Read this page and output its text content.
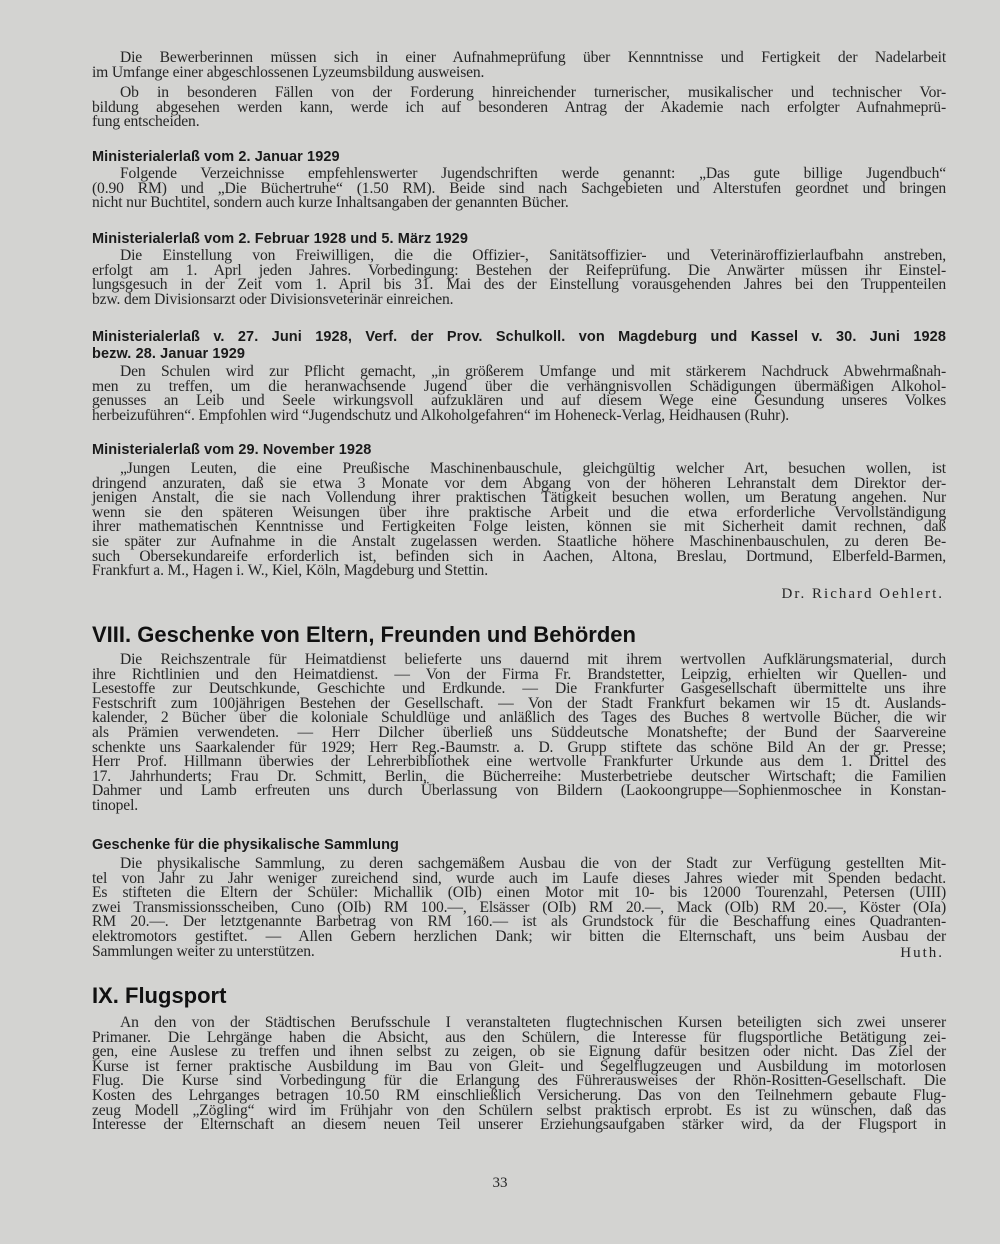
Die Bewerberinnen müssen sich in einer Aufnahmeprüfung über Kennntnisse und Fertigkeit der Nadelarbeit
im Umfange einer abgeschlossenen Lyzeumsbildung ausweisen.
Ob in besonderen Fällen von der Forderung hinreichender turnerischer, musikalischer und technischer Vor-
bildung abgesehen werden kann, werde ich auf besonderen Antrag der Akademie nach erfolgter Aufnahmeprü-
fung entscheiden.
Ministerialerlaß vom 2. Januar 1929
Folgende Verzeichnisse empfehlenswerter Jugendschriften werde genannt: „Das gute billige Jugendbuch“
(0.90 RM) und „Die Büchertruhe“ (1.50 RM). Beide sind nach Sachgebieten und Alterstufen geordnet und bringen
nicht nur Buchtitel, sondern auch kurze Inhaltsangaben der genannten Bücher.
Ministerialerlaß vom 2. Februar 1928 und 5. März 1929
Die Einstellung von Freiwilligen, die die Offizier-, Sanitätsoffizier- und Veterinäroffizierlaufbahn anstreben,
erfolgt am 1. Aprl jeden Jahres. Vorbedingung: Bestehen der Reifeprüfung. Die Anwärter müssen ihr Einstel-
lungsgesuch in der Zeit vom 1. April bis 31. Mai des der Einstellung vorausgehenden Jahres bei den Truppenteilen
bzw. dem Divisionsarzt oder Divisionsveterinär einreichen.
Ministerialerlaß v. 27. Juni 1928, Verf. der Prov. Schulkoll. von Magdeburg und Kassel v. 30. Juni 1928
bezw. 28. Januar 1929
Den Schulen wird zur Pflicht gemacht, „in größerem Umfange und mit stärkerem Nachdruck Abwehrmaßnah-
men zu treffen, um die heranwachsende Jugend über die verhängnisvollen Schädigungen übermäßigen Alkohol-
genusses an Leib und Seele wirkungsvoll aufzuklären und auf diesem Wege eine Gesundung unseres Volkes
herbeizuführen“. Empfohlen wird “Jugendschutz und Alkoholgefahren“ im Hoheneck-Verlag, Heidhausen (Ruhr).
Ministerialerlaß vom 29. November 1928
„Jungen Leuten, die eine Preußische Maschinenbauschule, gleichgültig welcher Art, besuchen wollen, ist
dringend anzuraten, daß sie etwa 3 Monate vor dem Abgang von der höheren Lehranstalt dem Direktor der-
jenigen Anstalt, die sie nach Vollendung ihrer praktischen Tätigkeit besuchen wollen, um Beratung angehen. Nur
wenn sie den späteren Weisungen über ihre praktische Arbeit und die etwa erforderliche Vervollständigung
ihrer mathematischen Kenntnisse und Fertigkeiten Folge leisten, können sie mit Sicherheit damit rechnen, daß
sie später zur Aufnahme in die Anstalt zugelassen werden. Staatliche höhere Maschinenbauschulen, zu deren Be-
such Obersekundareife erforderlich ist, befinden sich in Aachen, Altona, Breslau, Dortmund, Elberfeld-Barmen,
Frankfurt a. M., Hagen i. W., Kiel, Köln, Magdeburg und Stettin.
Dr. Richard Oehlert.
VIII. Geschenke von Eltern, Freunden und Behörden
Die Reichszentrale für Heimatdienst belieferte uns dauernd mit ihrem wertvollen Aufklärungsmaterial, durch
ihre Richtlinien und den Heimatdienst. — Von der Firma Fr. Brandstetter, Leipzig, erhielten wir Quellen- und
Lesestoffe zur Deutschkunde, Geschichte und Erdkunde. — Die Frankfurter Gasgesellschaft übermittelte uns ihre
Festschrift zum 100jährigen Bestehen der Gesellschaft. — Von der Stadt Frankfurt bekamen wir 15 dt. Auslands-
kalender, 2 Bücher über die koloniale Schuldlüge und anläßlich des Tages des Buches 8 wertvolle Bücher, die wir
als Prämien verwendeten. — Herr Dilcher überließ uns Süddeutsche Monatshefte; der Bund der Saarvereine
schenkte uns Saarkalender für 1929; Herr Reg.-Baumstr. a. D. Grupp stiftete das schöne Bild An der gr. Presse;
Herr Prof. Hillmann überwies der Lehrerbibliothek eine wertvolle Frankfurter Urkunde aus dem 1. Drittel des
17. Jahrhunderts; Frau Dr. Schmitt, Berlin, die Bücherreihe: Musterbetriebe deutscher Wirtschaft; die Familien
Dahmer und Lamb erfreuten uns durch Überlassung von Bildern (Laokoongruppe—Sophienmoschee in Konstan-
tinopel.
Geschenke für die physikalische Sammlung
Die physikalische Sammlung, zu deren sachgemäßem Ausbau die von der Stadt zur Verfügung gestellten Mit-
tel von Jahr zu Jahr weniger zureichend sind, wurde auch im Laufe dieses Jahres wieder mit Spenden bedacht.
Es stifteten die Eltern der Schüler: Michallik (OIb) einen Motor mit 10- bis 12000 Tourenzahl, Petersen (UIII)
zwei Transmissionsscheiben, Cuno (OIb) RM 100.—, Elsässer (OIb) RM 20.—, Mack (OIb) RM 20.—, Köster (OIa)
RM 20.—. Der letztgenannte Barbetrag von RM 160.— ist als Grundstock für die Beschaffung eines Quadranten-
elektromotors gestiftet. — Allen Gebern herzlichen Dank; wir bitten die Elternschaft, uns beim Ausbau der
Sammlungen weiter zu unterstützen.	Huth.
IX. Flugsport
An den von der Städtischen Berufsschule I veranstalteten flugtechnischen Kursen beteiligten sich zwei unserer
Primaner. Die Lehrgänge haben die Absicht, aus den Schülern, die Interesse für flugsportliche Betätigung zei-
gen, eine Auslese zu treffen und ihnen selbst zu zeigen, ob sie Eignung dafür besitzen oder nicht. Das Ziel der
Kurse ist ferner praktische Ausbildung im Bau von Gleit- und Segelflugzeugen und Ausbildung im motorlosen
Flug. Die Kurse sind Vorbedingung für die Erlangung des Führerausweises der Rhön-Rositten-Gesellschaft. Die
Kosten des Lehrganges betragen 10.50 RM einschließlich Versicherung. Das von den Teilnehmern gebaute Flug-
zeug Modell „Zögling“ wird im Frühjahr von den Schülern selbst praktisch erprobt. Es ist zu wünschen, daß das
Interesse der Elternschaft an diesem neuen Teil unserer Erziehungsaufgaben stärker wird, da der Flugsport in
33
